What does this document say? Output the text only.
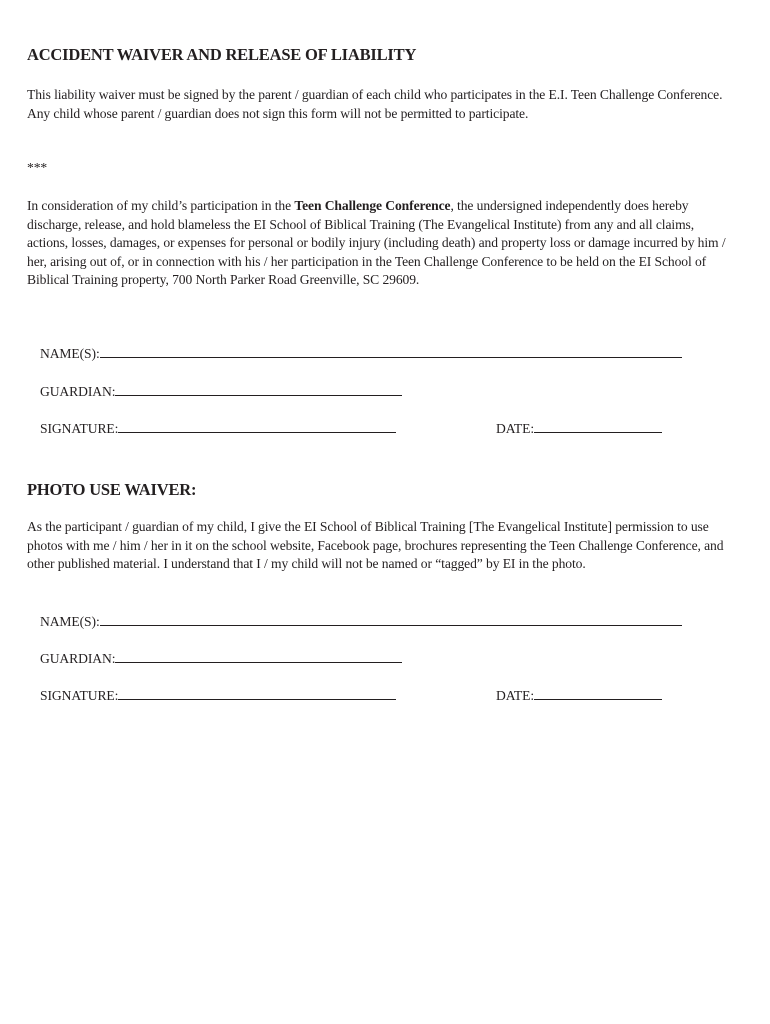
ACCIDENT WAIVER AND RELEASE OF LIABILITY
This liability waiver must be signed by the parent / guardian of each child who participates in the E.I. Teen Challenge Conference. Any child whose parent / guardian does not sign this form will not be permitted to participate.
***
In consideration of my child’s participation in the Teen Challenge Conference, the undersigned independently does hereby discharge, release, and hold blameless the EI School of Biblical Training (The Evangelical Institute) from any and all claims, actions, losses, damages, or expenses for personal or bodily injury (including death) and property loss or damage incurred by him / her, arising out of, or in connection with his / her participation in the Teen Challenge Conference to be held on the EI School of Biblical Training property, 700 North Parker Road Greenville, SC 29609.
NAME(S):
GUARDIAN:
SIGNATURE:	DATE:
PHOTO USE WAIVER:
As the participant / guardian of my child, I give the EI School of Biblical Training [The Evangelical Institute] permission to use photos with me / him / her in it on the school website, Facebook page, brochures representing the Teen Challenge Conference, and other published material. I understand that I / my child will not be named or “tagged” by EI in the photo.
NAME(S):
GUARDIAN:
SIGNATURE:	DATE:
